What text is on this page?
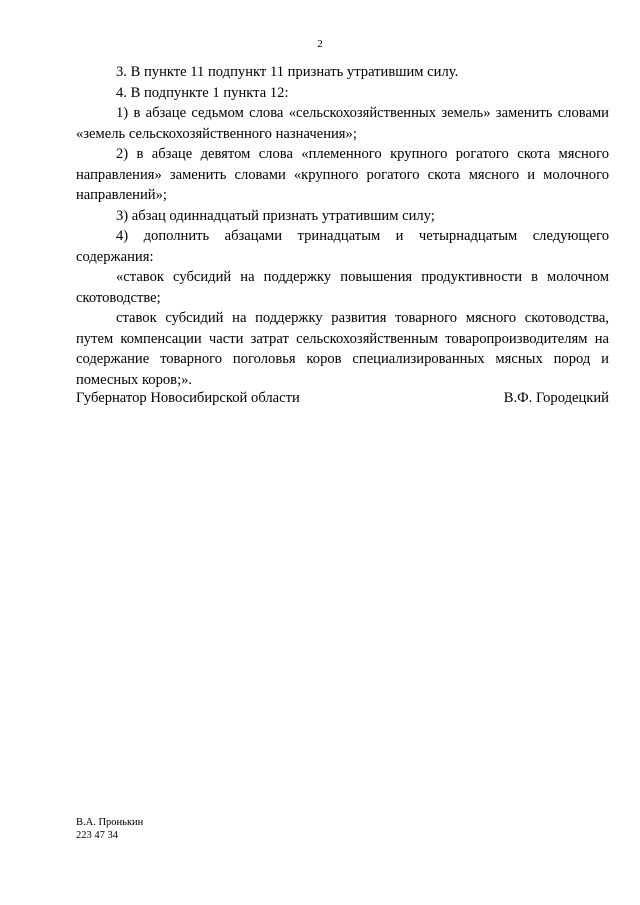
2

3. В пункте 11 подпункт 11 признать утратившим силу.

4. В подпункте 1 пункта 12:

1) в абзаце седьмом слова «сельскохозяйственных земель» заменить словами «земель сельскохозяйственного назначения»;

2) в абзаце девятом слова «племенного крупного рогатого скота мясного направления» заменить словами «крупного рогатого скота мясного и молочного направлений»;

3) абзац одиннадцатый признать утратившим силу;

4) дополнить абзацами тринадцатым и четырнадцатым следующего содержания:

«ставок субсидий на поддержку повышения продуктивности в молочном скотоводстве;

ставок субсидий на поддержку развития товарного мясного скотоводства, путем компенсации части затрат сельскохозяйственным товаропроизводителям на содержание товарного поголовья коров специализированных мясных пород и помесных коров;».

Губернатор Новосибирской области	В.Ф. Городецкий
В.А. Пронькин
223 47 34
